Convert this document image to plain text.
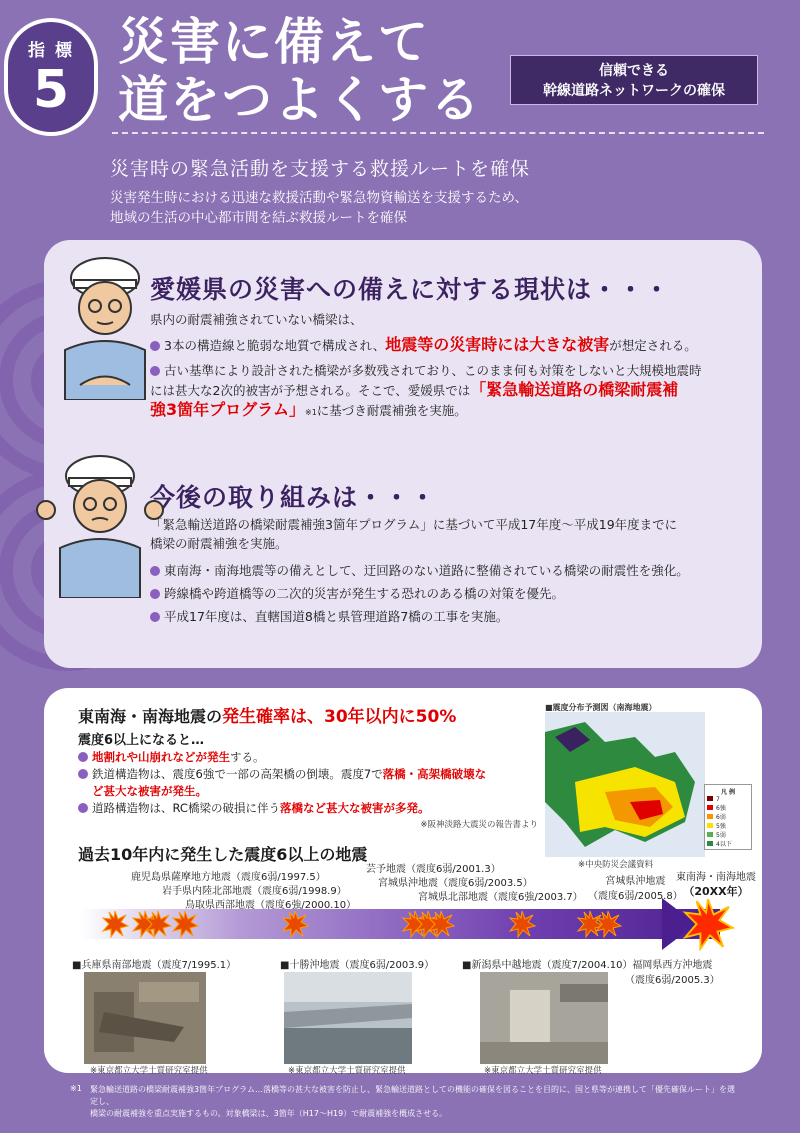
指 標
5
災害に備えて
道をつよくする	信頼できる
幹線道路ネットワークの確保
災害時の緊急活動を支援する救援ルートを確保
災害発生時における迅速な救援活動や緊急物資輸送を支援するため、
地域の生活の中心都市間を結ぶ救援ルートを確保
愛媛県の災害への備えに対する現状は・・・
県内の耐震補強されていない橋梁は、
3本の構造線と脆弱な地質で構成され、地震等の災害時には大きな被害が想定される。
古い基準により設計された橋梁が多数残されており、このまま何も対策をしないと大規模地震時
には甚大な2次的被害が予想される。そこで、愛媛県では「緊急輸送道路の橋梁耐震補
強3箇年プログラム」※1に基づき耐震補強を実施。
今後の取り組みは・・・
「緊急輸送道路の橋梁耐震補強3箇年プログラム」に基づいて平成17年度～平成19年度までに
橋梁の耐震補強を実施。
東南海・南海地震等の備えとして、迂回路のない道路に整備されている橋梁の耐震性を強化。
跨線橋や跨道橋等の二次的災害が発生する恐れのある橋の対策を優先。
平成17年度は、直轄国道8橋と県管理道路7橋の工事を実施。
東南海・南海地震の発生確率は、30年以内に50%
震度6以上になると…
地割れや山崩れなどが発生する。
鉄道構造物は、震度6強で一部の高架橋の倒壊。震度7で落橋・高架橋破壊な
ど甚大な被害が発生。
道路構造物は、RC橋梁の破損に伴う落橋など甚大な被害が多発。
※阪神淡路大震災の報告書より
■震度分布予測図（南海地震）
凡 例
7
6強
6弱
5強
5弱
4以下
※中央防災会議資料
過去10年内に発生した震度6以上の地震
鹿児島県薩摩地方地震（震度6弱/1997.5）
岩手県内陸北部地震（震度6弱/1998.9）
鳥取県西部地震（震度6強/2000.10）
芸予地震（震度6弱/2001.3）
宮城県沖地震（震度6弱/2003.5）
宮城県北部地震（震度6強/2003.7）
宮城県沖地震
（震度6弱/2005.8）
東南海・南海地震
（20XX年）
■兵庫県南部地震（震度7/1995.1）	■十勝沖地震（震度6弱/2003.9）	■新潟県中越地震（震度7/2004.10） 福岡県西方沖地震
（震度6弱/2005.3）
※東京都立大学土質研究室提供	※東京都立大学土質研究室提供	※東京都立大学土質研究室提供
※1 緊急輸送道路の橋梁耐震補強3箇年プログラム…落橋等の甚大な被害を防止し、緊急輸送道路としての機能の確保を図ることを目的に、国と県等が連携して「優先確保ルート」を選定し、
橋梁の耐震補強を重点実施するもの。対象橋梁は、3箇年（H17～H19）で耐震補強を概成させる。
